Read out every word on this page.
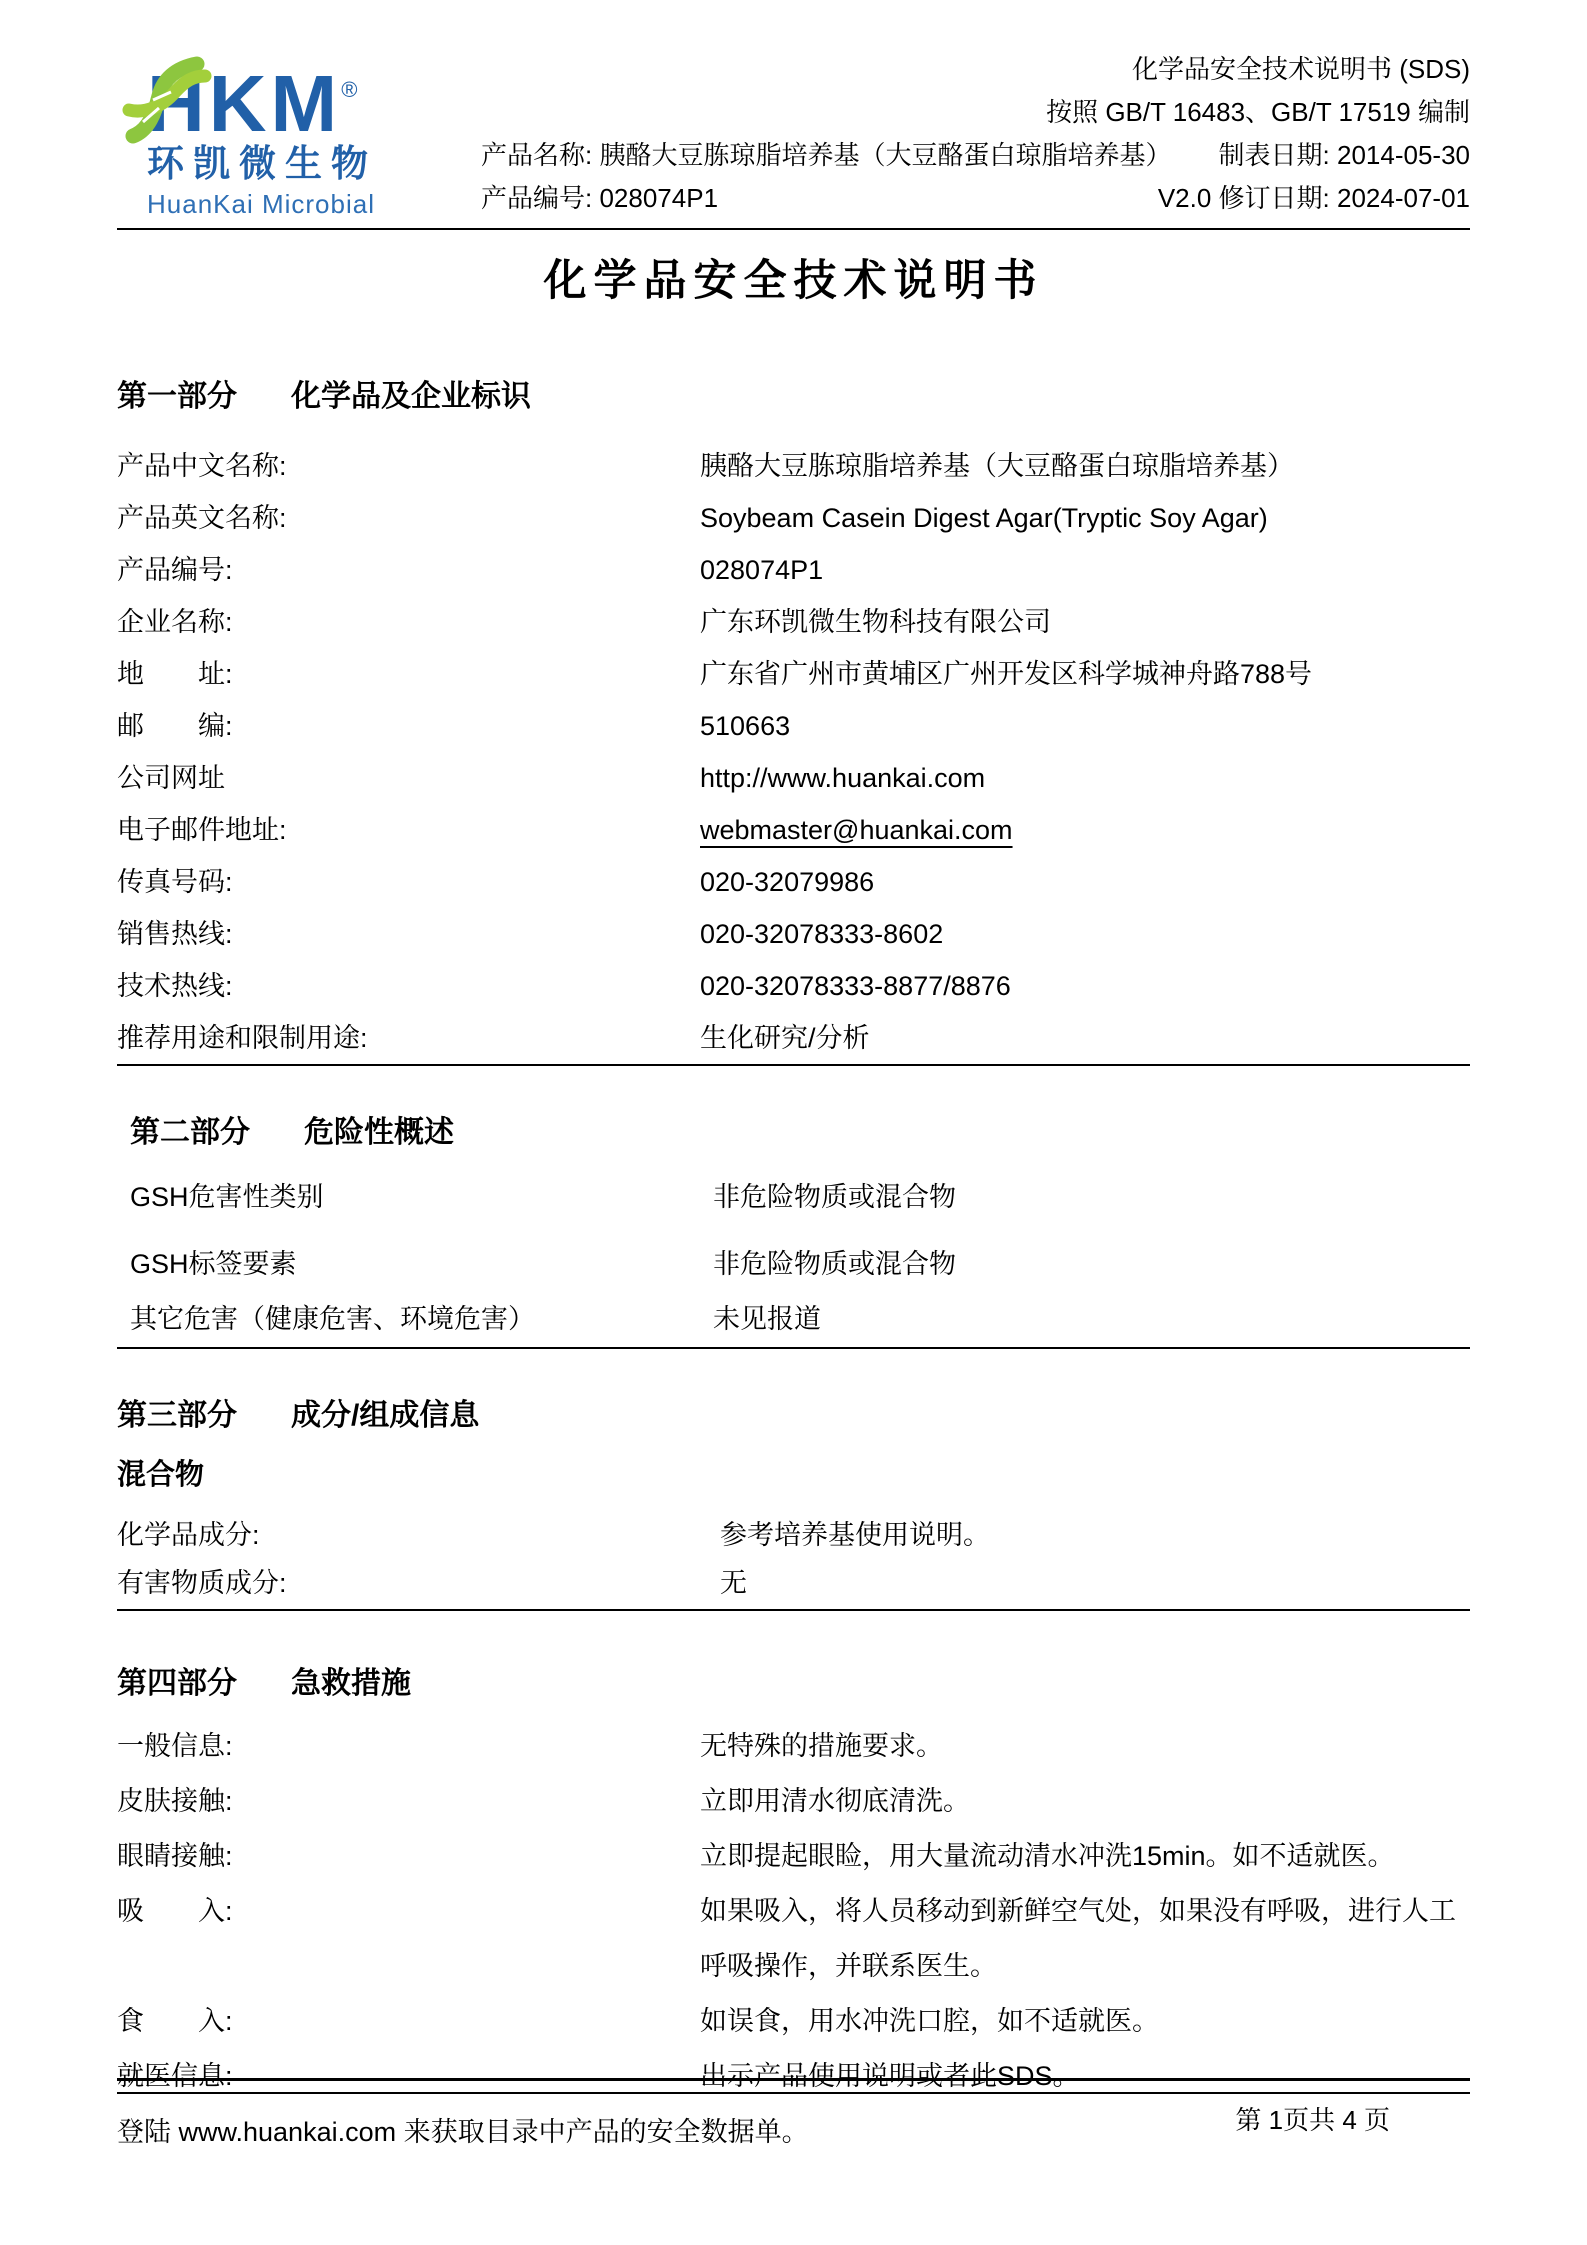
HKM®
环凯微生物
HuanKai Microbial
化学品安全技术说明书 (SDS)
按照 GB/T 16483、GB/T 17519 编制
产品名称: 胰酪大豆胨琼脂培养基（大豆酪蛋白琼脂培养基） 制表日期: 2014-05-30
产品编号: 028074P1	V2.0 修订日期: 2024-07-01
化学品安全技术说明书
第一部分 化学品及企业标识
产品中文名称:	胰酪大豆胨琼脂培养基（大豆酪蛋白琼脂培养基）
产品英文名称:	Soybeam Casein Digest Agar(Tryptic Soy Agar)
产品编号:	028074P1
企业名称:	广东环凯微生物科技有限公司
地　　址:	广东省广州市黄埔区广州开发区科学城神舟路788号
邮　　编:	510663
公司网址	http://www.huankai.com
电子邮件地址:	webmaster@huankai.com
传真号码:	020-32079986
销售热线:	020-32078333-8602
技术热线:	020-32078333-8877/8876
推荐用途和限制用途:	生化研究/分析
第二部分 危险性概述
GSH危害性类别	非危险物质或混合物
GSH标签要素	非危险物质或混合物
其它危害（健康危害、环境危害）	未见报道
第三部分 成分/组成信息
混合物
化学品成分:	参考培养基使用说明。
有害物质成分:	无
第四部分 急救措施
一般信息:	无特殊的措施要求。
皮肤接触:	立即用清水彻底清洗。
眼睛接触:	立即提起眼睑，用大量流动清水冲洗15min。如不适就医。
吸　　入:	如果吸入，将人员移动到新鲜空气处，如果没有呼吸，进行人工呼吸操作，并联系医生。
食　　入:	如误食，用水冲洗口腔，如不适就医。
就医信息:	出示产品使用说明或者此SDS。
登陆 www.huankai.com 来获取目录中产品的安全数据单。	第 1页共 4 页
